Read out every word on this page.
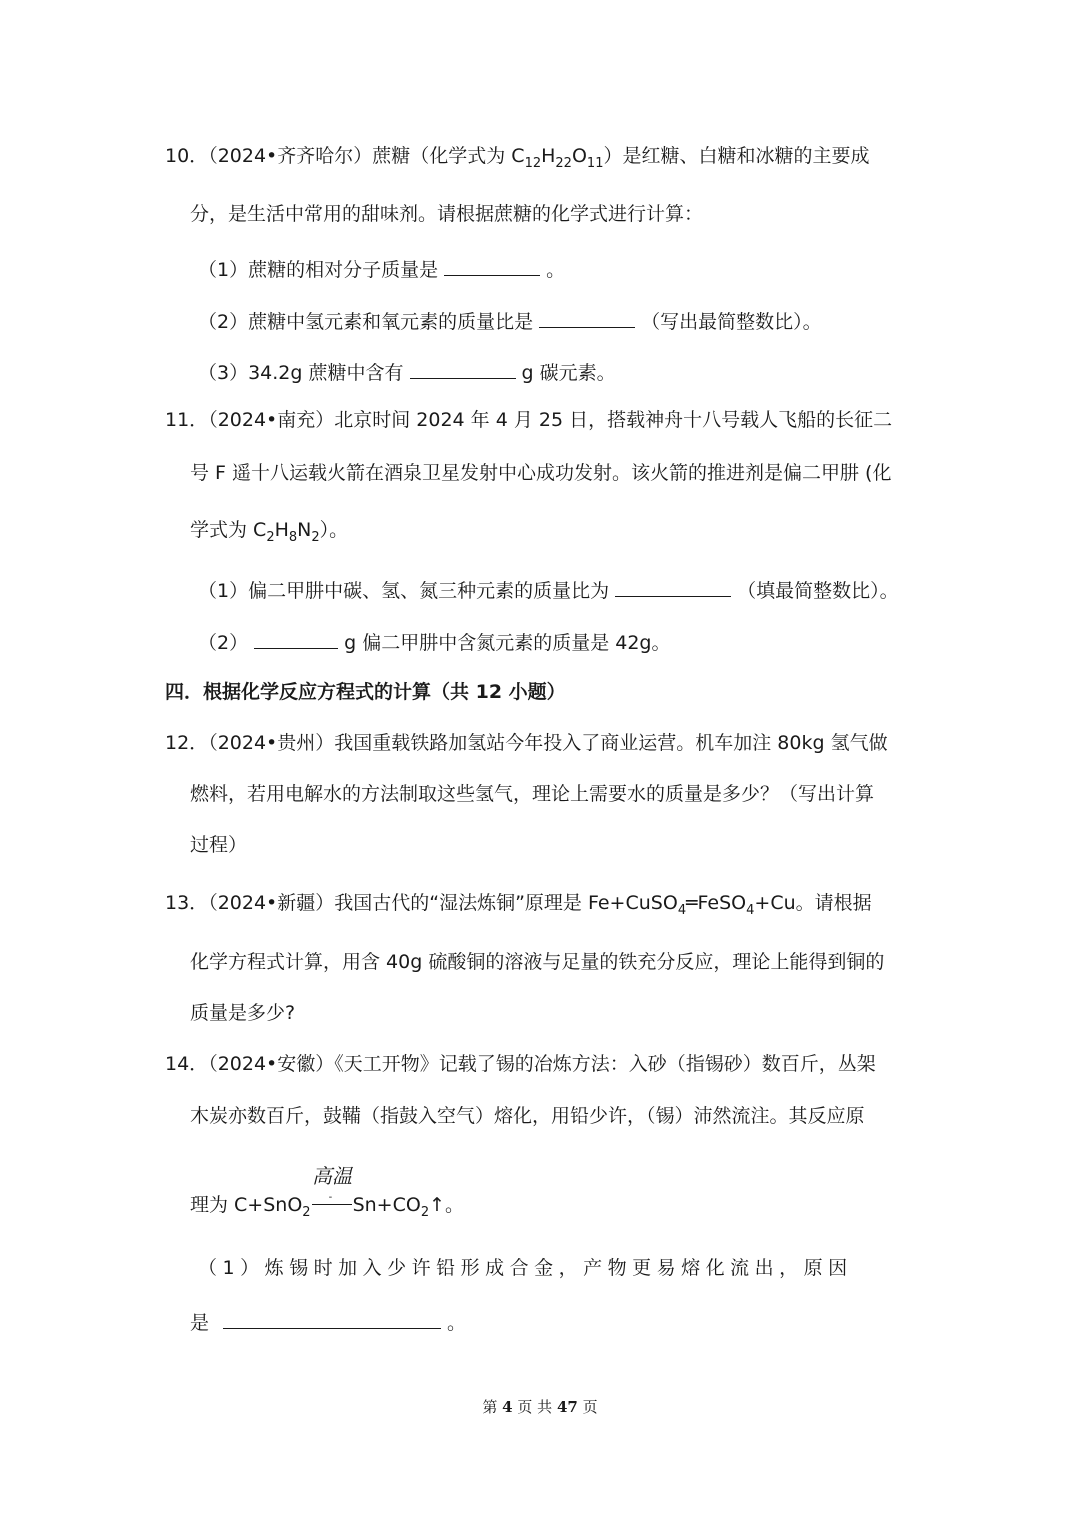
10．（2024•齐齐哈尔）蔗糖（化学式为 $C_{12}H_{22}O_{11}$）是红糖、白糖和冰糖的主要成
分，是生活中常用的甜味剂。请根据蔗糖的化学式进行计算：
（1）蔗糖的相对分子质量是	。
（2）蔗糖中氢元素和氧元素的质量比是	（写出最简整数比）。
（3）34.2g 蔗糖中含有	g 碳元素。
11．（2024•南充）北京时间 2024 年 4 月 25 日，搭载神舟十八号载人飞船的长征二
号 F 遥十八运载火箭在酒泉卫星发射中心成功发射。该火箭的推进剂是偏二甲肼 (化
学式为 $C_2H_8N_2$）。
（1）偏二甲肼中碳、氢、氮三种元素的质量比为	（填最简整数比）。
（2）	g 偏二甲肼中含氮元素的质量是 42g。
四．根据化学反应方程式的计算（共 12 小题）
12．（2024•贵州）我国重载铁路加氢站今年投入了商业运营。机车加注 80kg 氢气做
燃料，若用电解水的方法制取这些氢气，理论上需要水的质量是多少？（写出计算
过程）
13．（2024•新疆）我国古代的“湿法炼铜”原理是 Fe+CuSO$_4$═FeSO$_4$+Cu。请根据
化学方程式计算，用含 40g 硫酸铜的溶液与足量的铁充分反应，理论上能得到铜的
质量是多少?
14．（2024•安徽）《天工开物》记载了锡的冶炼方法：入砂（指锡砂）数百斤，丛架
木炭亦数百斤，鼓鞴（指鼓入空气）熔化，用铅少许，（锡）沛然流注。其反应原
高温
理为 C+SnO$_2$
- $Sn+CO_2↑$。
（1）炼锡时加入少许铅形成合金，产物更易熔化流出，原因
是	。
第 4 页 共 47 页
